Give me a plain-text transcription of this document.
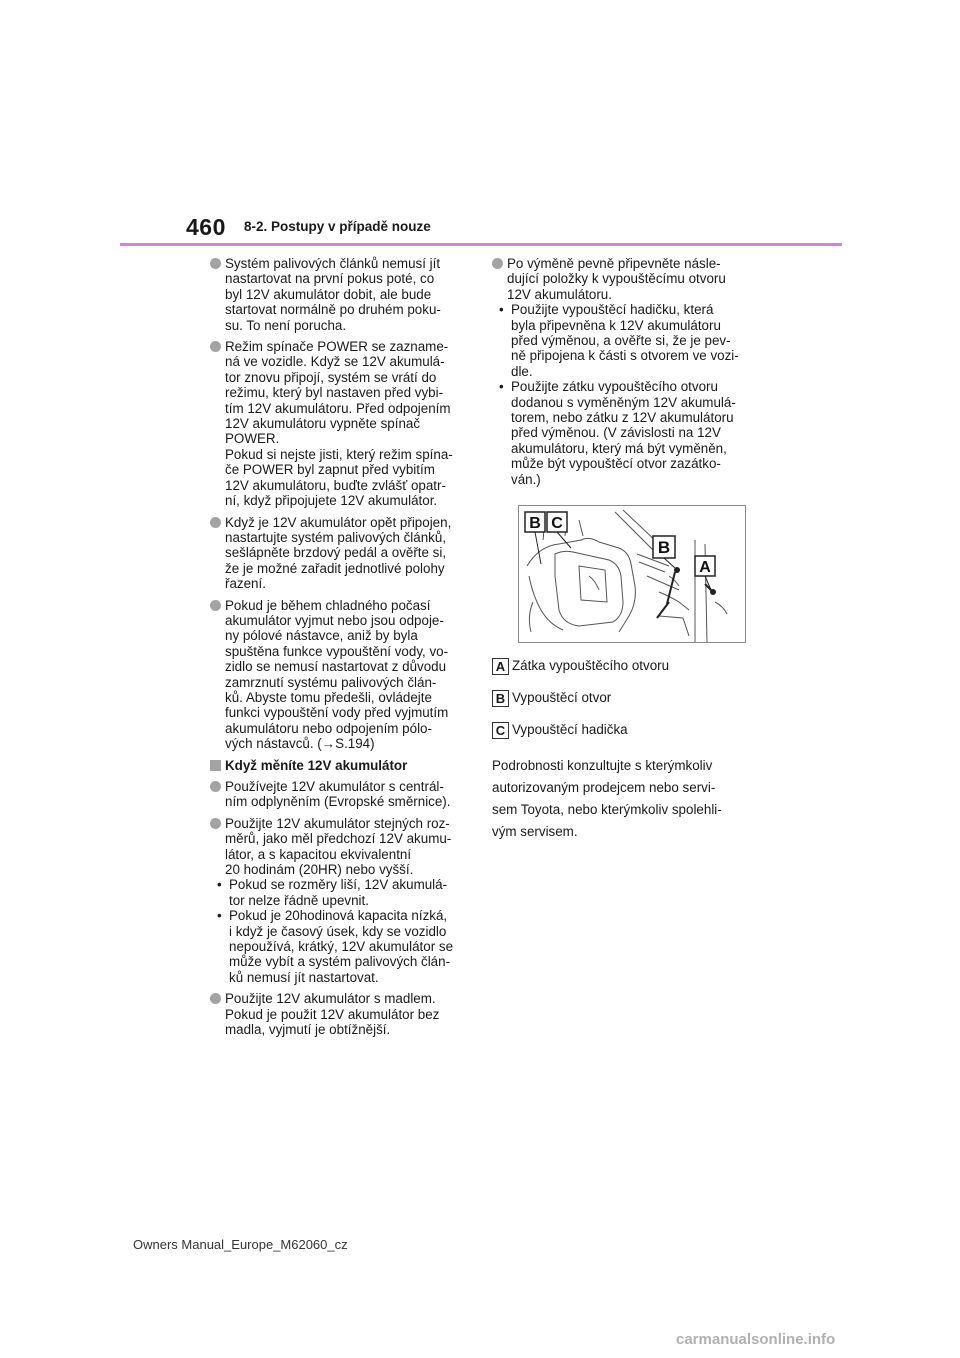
460 8-2. Postupy v případě nouze
Systém palivových článků nemusí jít
nastartovat na první pokus poté, co
byl 12V akumulátor dobit, ale bude
startovat normálně po druhém poku-
su. To není porucha.
Režim spínače POWER se zazname-
ná ve vozidle. Když se 12V akumulá-
tor znovu připojí, systém se vrátí do
režimu, který byl nastaven před vybi-
tím 12V akumulátoru. Před odpojením
12V akumulátoru vypněte spínač
POWER.
Pokud si nejste jisti, který režim spína-
če POWER byl zapnut před vybitím
12V akumulátoru, buďte zvlášť opatr-
ní, když připojujete 12V akumulátor.
Když je 12V akumulátor opět připojen,
nastartujte systém palivových článků,
sešlápněte brzdový pedál a ověřte si,
že je možné zařadit jednotlivé polohy
řazení.
Pokud je během chladného počasí
akumulátor vyjmut nebo jsou odpoje-
ny pólové nástavce, aniž by byla
spuštěna funkce vypouštění vody, vo-
zidlo se nemusí nastartovat z důvodu
zamrznutí systému palivových člán-
ků. Abyste tomu předešli, ovládejte
funkci vypouštění vody před vyjmutím
akumulátoru nebo odpojením pólo-
vých nástavců. (→S.194)
Když měníte 12V akumulátor
Používejte 12V akumulátor s centrál-
ním odplyněním (Evropské směrnice).
Použijte 12V akumulátor stejných roz-
měrů, jako měl předchozí 12V akumu-
látor, a s kapacitou ekvivalentní
20 hodinám (20HR) nebo vyšší.
• Pokud se rozměry liší, 12V akumulá-
tor nelze řádně upevnit.
• Pokud je 20hodinová kapacita nízká,
i když je časový úsek, kdy se vozidlo
nepoužívá, krátký, 12V akumulátor se
může vybít a systém palivových člán-
ků nemusí jít nastartovat.
Použijte 12V akumulátor s madlem.
Pokud je použit 12V akumulátor bez
madla, vyjmutí je obtížnější.
Po výměně pevně připevněte násle-
dující položky k vypouštěcímu otvoru
12V akumulátoru.
• Použijte vypouštěcí hadičku, která
byla připevněna k 12V akumulátoru
před výměnou, a ověřte si, že je pev-
ně připojena k části s otvorem ve vozi-
dle.
• Použijte zátku vypouštěcího otvoru
dodanou s vyměněným 12V akumulá-
torem, nebo zátku z 12V akumulátoru
před výměnou. (V závislosti na 12V
akumulátoru, který má být vyměněn,
může být vypouštěcí otvor zazátko-
ván.)
B C
B
A
A Zátka vypouštěcího otvoru
B Vypouštěcí otvor
C Vypouštěcí hadička
Podrobnosti konzultujte s kterýmkoliv
autorizovaným prodejcem nebo servi-
sem Toyota, nebo kterýmkoliv spolehli-
vým servisem.
Owners Manual_Europe_M62060_cz
carmanualsonline.info
